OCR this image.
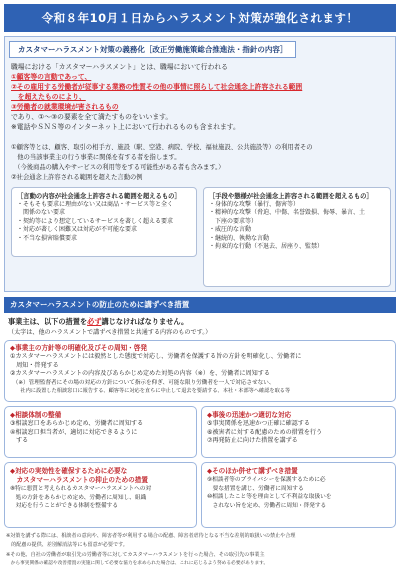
令和８年10月１日からハラスメント対策が強化されます！
カスタマーハラスメント対策の義務化［改正労働施策総合推進法・指針の内容］
職場における「カスタマーハラスメント」とは、職場において行われる
①顧客等の言動であって、
②その雇用する労働者が従事する業務の性質その他の事情に照らして社会通念上許容される範囲
　を超えたものにより、
③労働者の就業環境が害されるもの
であり、①～③の要素を全て満たすものをいいます。
※電話やＳＮＳ等のインターネット上において行われるものも含まれます。
①顧客等とは、顧客、取引の相手方、施設（駅、空港、病院、学校、福祉施設、公共施設等）の利用者その
　他の当該事業主の行う事業に関係を有する者を指します。
　（今後商品の購入やサービスの利用等をする可能性がある者も含みます。）
②社会通念上許容される範囲を超えた言動の例
［言動の内容が社会通念上許容される範囲を超えるもの］
・そもそも要求に理由がない又は商品・サービス等と全く
　関係のない要求
・契約等により想定しているサービスを著しく超える要求
・対応が著しく困難又は対応が不可能な要求
・不当な損害賠償要求
［手段や態様が社会通念上許容される範囲を超えるもの］
・身体的な攻撃（暴行、傷害等）
・精神的な攻撃（脅迫、中傷、名誉毀損、侮辱、暴言、土
　下座の要求等）
・威圧的な言動
・継続的、執拗な言動
・拘束的な行動（不退去、居座り、監禁）
カスタマーハラスメントの防止のために講ずべき措置
事業主は、以下の措置を必ず講じなければなりません。
（太字は、他のハラスメントで講ずべき措置と共通する内容のものです。）
◆事業主の方針等の明確化及びその周知・啓発
①カスタマーハラスメントには毅然とした態度で対応し、労働者を保護する旨の方針を明確化し、労働者に
　周知・啓発する
②カスタマーハラスメントの内容及びあらかじめ定めた対処の内容（※）を、労働者に周知する
　（※）管理監督者にその場の対応の方針について指示を仰ぎ、可能な限り労働者を一人で対応させない、
　　社内に設置した相談窓口に報告する、顧客等に対応を直ちに中止して退去を要請する、本社・本部等へ確認を取る等
◆相談体制の整備
③相談窓口をあらかじめ定め、労働者に周知する
④相談窓口担当者が、適切に対応できるように
　する
◆事後の迅速かつ適切な対応
⑤事実関係を迅速かつ正確に確認する
⑥被害者に対する配慮のための措置を行う
⑦再発防止に向けた措置を講ずる
◆対応の実効性を確保するために必要な
　カスタマーハラスメントの抑止のための措置
⑧特に悪質と考えられるカスタマーハラスメントへの対
　処の方針をあらかじめ定め、労働者に周知し、組織
　対応を行うことができる体制を整備する
◆そのほか併せて講ずべき措置
⑨相談者等のプライバシーを保護するために必
　要な措置を講じ、労働者に周知する
⑩相談したこと等を理由として不利益な取扱いを
　されない旨を定め、労働者に周知・啓発する
※対策を講ずる際には、相談者の意向や、障害者等が利用する場合の配慮、障害者虐待となる不当な差別的取扱いの禁止や合理
　的配慮の提供、差別解消法等にも留意が必要です。
※その他、自社の労働者が取引先の労働者等に対してカスタマーハラスメントを行った場合、その取引先の事業主
　から事実関係の確認や改善措置の実施に関して必要な協力を求められた場合は、これに応じるよう努める必要があります。
